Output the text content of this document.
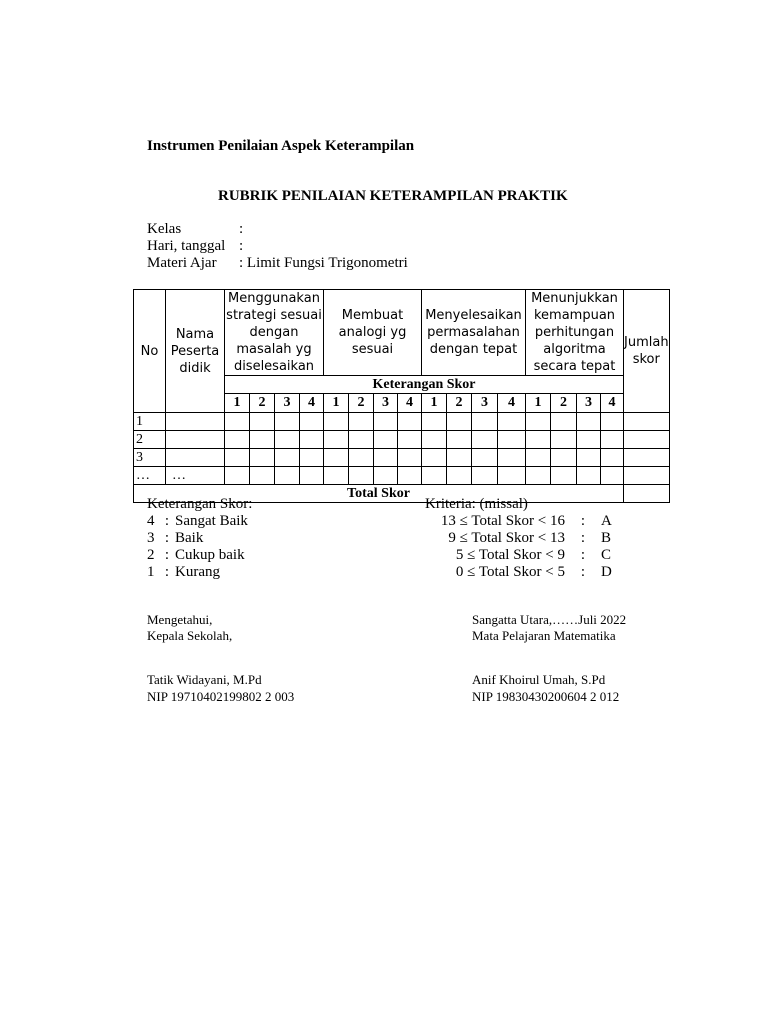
Instrumen Penilaian Aspek Keterampilan
RUBRIK PENILAIAN KETERAMPILAN PRAKTIK
Kelas	:
Hari, tanggal :
Materi Ajar : Limit Fungsi Trigonometri
No	Nama Peserta didik	Menggunakan strategi sesuai dengan masalah yg diselesaikan				Membuat analogi yg sesuai				Menyelesaikan permasalahan dengan tepat				Menunjukkan kemampuan perhitungan algoritma secara tepat				Jumlah skor
		Keterangan Skor																
		1	2	3	4	1	2	3	4	1	2	3	4	1	2	3	4	
1																		
2																		
3																		
…	…																	
Total Skor																		
Keterangan Skor:
4 : Sangat Baik
3 : Baik
2 : Cukup baik
1 : Kurang
Kriteria: (missal)
13 ≤ Total Skor < 16 : A
9 ≤ Total Skor < 13 : B
5 ≤ Total Skor < 9 : C
0 ≤ Total Skor < 5 : D
Mengetahui,
Kepala Sekolah,
Tatik Widayani, M.Pd
NIP 19710402199802 2 003
Sangatta Utara,……Juli 2022
Mata Pelajaran Matematika
Anif Khoirul Umah, S.Pd
NIP 19830430200604 2 012
